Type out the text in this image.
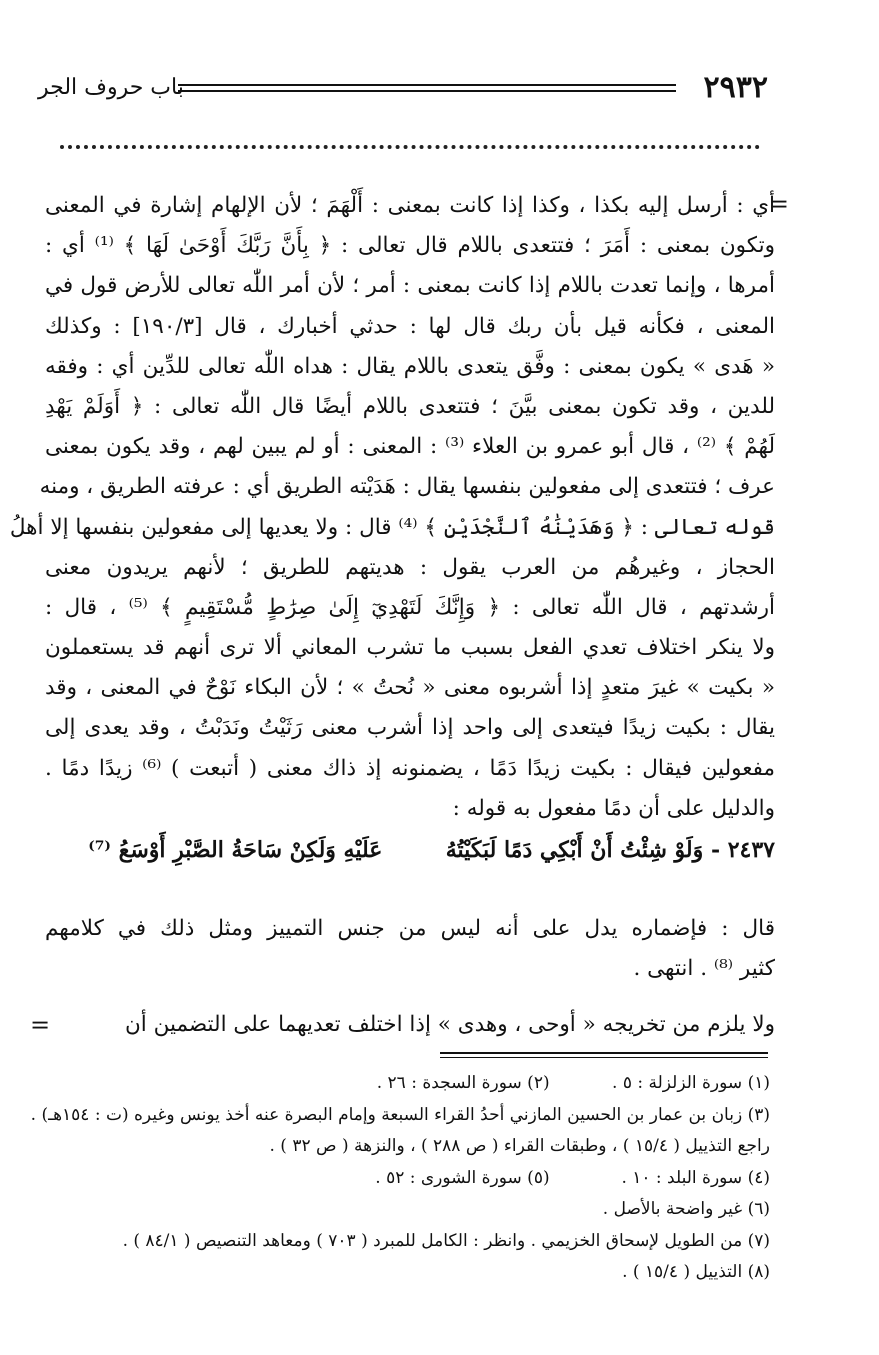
٢٩٣٢
باب حروف الجر
=
أي : أرسل إليه بكذا ، وكذا إذا كانت بمعنى : أَلْهَمَ ؛ لأن الإلهام إشارة في المعنى
وتكون بمعنى : أَمَرَ ؛ فتتعدى باللام قال تعالى : ﴿ بِأَنَّ رَبَّكَ أَوْحَىٰ لَهَا ﴾ ⁽¹⁾ أي :
أمرها ، وإنما تعدت باللام إذا كانت بمعنى : أمر ؛ لأن أمر اللّٰه تعالى للأرض قول في
المعنى ، فكأنه قيل بأن ربك قال لها : حدثي أخبارك ، قال [١٩٠/٣] : وكذلك
« هَدى » يكون بمعنى : وفَّق يتعدى باللام يقال : هداه اللّٰه تعالى للدِّين أي : وفقه
للدين ، وقد تكون بمعنى بيَّنَ ؛ فتتعدى باللام أيضًا قال اللّٰه تعالى : ﴿ أَوَلَمْ يَهْدِ
لَهُمْ ﴾ ⁽²⁾ ، قال أبو عمرو بن العلاء ⁽³⁾ : المعنى : أو لم يبين لهم ، وقد يكون بمعنى
عرف ؛ فتتعدى إلى مفعولين بنفسها يقال : هَدَيْته الطريق أي : عرفته الطريق ، ومنه
قوله تعالى : ﴿ وَهَدَيْنَٰهُ ٱلنَّجْدَيْنِ ﴾ ⁽⁴⁾ قال : ولا يعديها إلى مفعولين بنفسها إلا أهلُ
الحجاز ، وغيرهُم من العرب يقول : هديتهم للطريق ؛ لأنهم يريدون معنى
أرشدتهم ، قال اللّٰه تعالى : ﴿ وَإِنَّكَ لَتَهْدِيٓ إِلَىٰ صِرَٰطٍ مُّسْتَقِيمٍ ﴾ ⁽⁵⁾ ، قال :
ولا ينكر اختلاف تعدي الفعل بسبب ما تشرب المعاني ألا ترى أنهم قد يستعملون
« بكيت » غيرَ متعدٍ إذا أشربوه معنى « نُحتُ » ؛ لأن البكاء نَوْحٌ في المعنى ، وقد
يقال : بكيت زيدًا فيتعدى إلى واحد إذا أشرب معنى رَثَيْتُ ونَدَبْتُ ، وقد يعدى إلى
مفعولين فيقال : بكيت زيدًا دَمًا ، يضمنونه إذ ذاك معنى ( أتبعت ) ⁽⁶⁾ زيدًا دمًا .
والدليل على أن دمًا مفعول به قوله :
٢٤٣٧ - وَلَوْ شِئْتُ أَنْ أَبْكِي دَمًا لَبَكَيْتُهُ  عَلَيْهِ وَلَكِنْ سَاحَةُ الصَّبْرِ أَوْسَعُ ⁽⁷⁾
قال : فإضماره يدل على أنه ليس من جنس التمييز ومثل ذلك في كلامهم
كثير ⁽⁸⁾ . انتهى .
ولا يلزم من تخريجه « أوحى ، وهدى » إذا اختلف تعديهما على التضمين أن
=
(١) سورة الزلزلة : ٥ . (٢) سورة السجدة : ٢٦ .
(٣) زبان بن عمار بن الحسين المازني أحدُ القراء السبعة وإمام البصرة عنه أخذ يونس وغيره (ت : ١٥٤هـ) .
راجع التذييل ( ١٥/٤ ) ، وطبقات القراء ( ص ٢٨٨ ) ، والنزهة ( ص ٣٢ ) .
(٤) سورة البلد : ١٠ . (٥) سورة الشورى : ٥٢ .
(٦) غير واضحة بالأصل .
(٧) من الطويل لإسحاق الخزيمي . وانظر : الكامل للمبرد ( ٧٠٣ ) ومعاهد التنصيص ( ٨٤/١ ) .
(٨) التذييل ( ١٥/٤ ) .
